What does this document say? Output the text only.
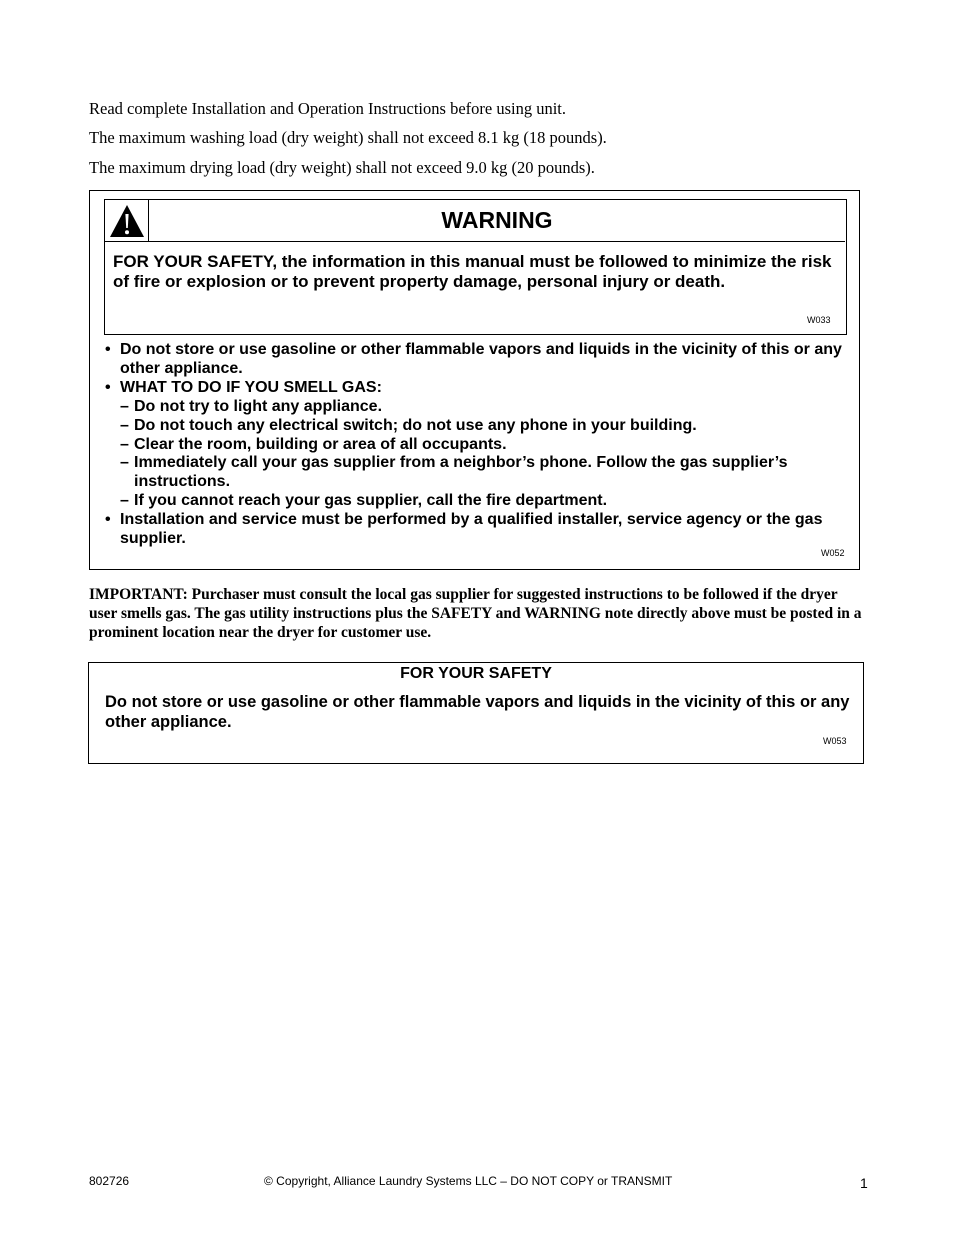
Read complete Installation and Operation Instructions before using unit.
The maximum washing load (dry weight) shall not exceed 8.1 kg (18 pounds).
The maximum drying load (dry weight) shall not exceed 9.0 kg (20 pounds).
WARNING
FOR YOUR SAFETY, the information in this manual must be followed to minimize the risk of fire or explosion or to prevent property damage, personal injury or death.
W033
• Do not store or use gasoline or other flammable vapors and liquids in the vicinity of this or any other appliance.
• WHAT TO DO IF YOU SMELL GAS:
– Do not try to light any appliance.
– Do not touch any electrical switch; do not use any phone in your building.
– Clear the room, building or area of all occupants.
– Immediately call your gas supplier from a neighbor’s phone. Follow the gas supplier’s instructions.
– If you cannot reach your gas supplier, call the fire department.
• Installation and service must be performed by a qualified installer, service agency or the gas supplier.
W052
IMPORTANT: Purchaser must consult the local gas supplier for suggested instructions to be followed if the dryer user smells gas. The gas utility instructions plus the SAFETY and WARNING note directly above must be posted in a prominent location near the dryer for customer use.
FOR YOUR SAFETY
Do not store or use gasoline or other flammable vapors and liquids in the vicinity of this or any other appliance.
W053
802726	© Copyright, Alliance Laundry Systems LLC – DO NOT COPY or TRANSMIT	1
